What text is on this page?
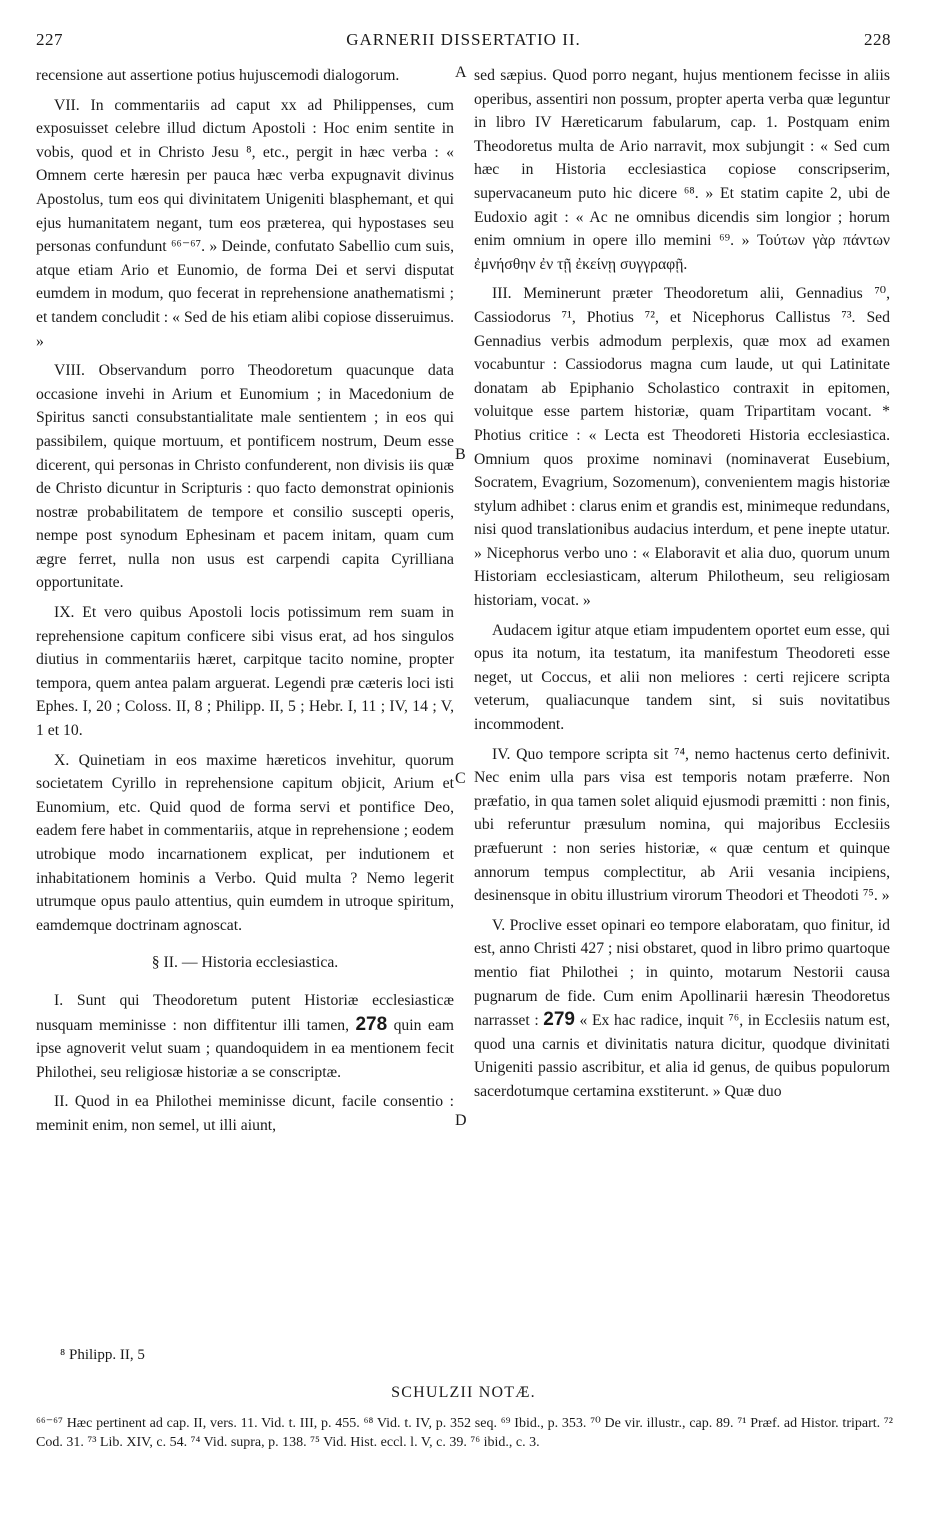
227	GARNERII DISSERTATIO II.	228
A
B
C
D

recensione aut assertione potius hujuscemodi dialogorum.

VII. In commentariis ad caput xx ad Philippenses, cum exposuisset celebre illud dictum Apostoli : Hoc enim sentite in vobis, quod et in Christo Jesu ⁸, etc., pergit in hæc verba : « Omnem certe hæresin per pauca hæc verba expugnavit divinus Apostolus, tum eos qui divinitatem Unigeniti blasphemant, et qui ejus humanitatem negant, tum eos præterea, qui hypostases seu personas confundunt ⁶⁶⁻⁶⁷. » Deinde, confutato Sabellio cum suis, atque etiam Ario et Eunomio, de forma Dei et servi disputat eumdem in modum, quo fecerat in reprehensione anathematismi ; et tandem concludit : « Sed de his etiam alibi copiose disseruimus. »

VIII. Observandum porro Theodoretum quacunque data occasione invehi in Arium et Eunomium ; in Macedonium de Spiritus sancti consubstantialitate male sentientem ; in eos qui passibilem, quique mortuum, et pontificem nostrum, Deum esse dicerent, qui personas in Christo confunderent, non divisis iis quæ de Christo dicuntur in Scripturis : quo facto demonstrat opinionis nostræ probabilitatem de tempore et consilio suscepti operis, nempe post synodum Ephesinam et pacem initam, quam cum ægre ferret, nulla non usus est carpendi capita Cyrilliana opportunitate.

IX. Et vero quibus Apostoli locis potissimum rem suam in reprehensione capitum conficere sibi visus erat, ad hos singulos diutius in commentariis hæret, carpitque tacito nomine, propter tempora, quem antea palam arguerat. Legendi præ cæteris loci isti Ephes. I, 20 ; Coloss. II, 8 ; Philipp. II, 5 ; Hebr. I, 11 ; IV, 14 ; V, 1 et 10.

X. Quinetiam in eos maxime hæreticos invehitur, quorum societatem Cyrillo in reprehensione capitum objicit, Arium et Eunomium, etc. Quid quod de forma servi et pontifice Deo, eadem fere habet in commentariis, atque in reprehensione ; eodem utrobique modo incarnationem explicat, per indutionem et inhabitationem hominis a Verbo. Quid multa ? Nemo legerit utrumque opus paulo attentius, quin eumdem in utroque spiritum, eamdemque doctrinam agnoscat.

§ II. — Historia ecclesiastica.

I. Sunt qui Theodoretum putent Historiæ ecclesiasticæ nusquam meminisse : non diffitentur illi tamen, 278 quin eam ipse agnoverit velut suam ; quandoquidem in ea mentionem fecit Philothei, seu religiosæ historiæ a se conscriptæ.

II. Quod in ea Philothei meminisse dicunt, facile consentio : meminit enim, non semel, ut illi aiunt,

sed sæpius. Quod porro negant, hujus mentionem fecisse in aliis operibus, assentiri non possum, propter aperta verba quæ leguntur in libro IV Hæreticarum fabularum, cap. 1. Postquam enim Theodoretus multa de Ario narravit, mox subjungit : « Sed cum hæc in Historia ecclesiastica copiose conscripserim, supervacaneum puto hic dicere ⁶⁸. » Et statim capite 2, ubi de Eudoxio agit : « Ac ne omnibus dicendis sim longior ; horum enim omnium in opere illo memini ⁶⁹. » Τούτων γὰρ πάντων ἐμνήσθην ἐν τῇ ἐκείνῃ συγγραφῇ.

III. Meminerunt præter Theodoretum alii, Gennadius ⁷⁰, Cassiodorus ⁷¹, Photius ⁷², et Nicephorus Callistus ⁷³. Sed Gennadius verbis admodum perplexis, quæ mox ad examen vocabuntur : Cassiodorus magna cum laude, ut qui Latinitate donatam ab Epiphanio Scholastico contraxit in epitomen, voluitque esse partem historiæ, quam Tripartitam vocant. * Photius critice : « Lecta est Theodoreti Historia ecclesiastica. Omnium quos proxime nominavi (nominaverat Eusebium, Socratem, Evagrium, Sozomenum), convenientem magis historiæ stylum adhibet : clarus enim et grandis est, minimeque redundans, nisi quod translationibus audacius interdum, et pene inepte utatur. » Nicephorus verbo uno : « Elaboravit et alia duo, quorum unum Historiam ecclesiasticam, alterum Philotheum, seu religiosam historiam, vocat. »

Audacem igitur atque etiam impudentem oportet eum esse, qui opus ita notum, ita testatum, ita manifestum Theodoreti esse neget, ut Coccus, et alii non meliores : certi rejicere scripta veterum, qualiacunque tandem sint, si suis novitatibus incommodent.

IV. Quo tempore scripta sit ⁷⁴, nemo hactenus certo definivit. Nec enim ulla pars visa est temporis notam præferre. Non præfatio, in qua tamen solet aliquid ejusmodi præmitti : non finis, ubi referuntur præsulum nomina, qui majoribus Ecclesiis præfuerunt : non series historiæ, « quæ centum et quinque annorum tempus complectitur, ab Arii vesania incipiens, desinensque in obitu illustrium virorum Theodori et Theodoti ⁷⁵. »

V. Proclive esset opinari eo tempore elaboratam, quo finitur, id est, anno Christi 427 ; nisi obstaret, quod in libro primo quartoque mentio fiat Philothei ; in quinto, motarum Nestorii causa pugnarum de fide. Cum enim Apollinarii hæresin Theodoretus narrasset : 279 « Ex hac radice, inquit ⁷⁶, in Ecclesiis natum est, quod una carnis et divinitatis natura dicitur, quodque divinitati Unigeniti passio ascribitur, et alia id genus, de quibus populorum sacerdotumque certamina exstiterunt. » Quæ duo

⁸ Philipp. II, 5
SCHULZII NOTÆ.
⁶⁶⁻⁶⁷ Hæc pertinent ad cap. II, vers. 11. Vid. t. III, p. 455. ⁶⁸ Vid. t. IV, p. 352 seq. ⁶⁹ Ibid., p. 353. ⁷⁰ De vir. illustr., cap. 89. ⁷¹ Præf. ad Histor. tripart. ⁷² Cod. 31. ⁷³ Lib. XIV, c. 54. ⁷⁴ Vid. supra, p. 138. ⁷⁵ Vid. Hist. eccl. l. V, c. 39. ⁷⁶ ibid., c. 3.
